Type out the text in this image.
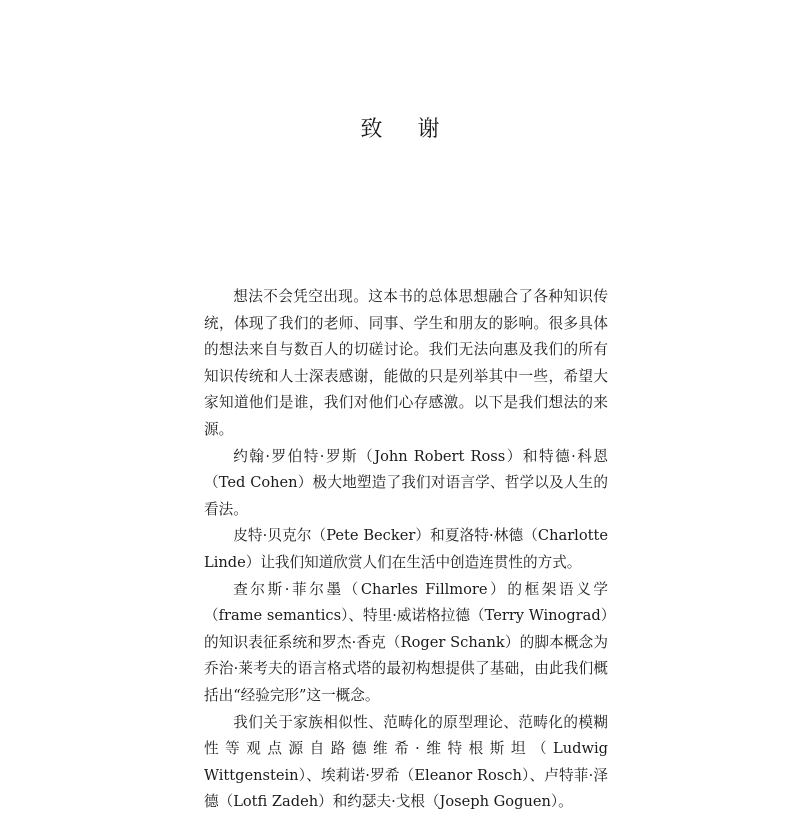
致 谢

想法不会凭空出现。这本书的总体思想融合了各种知识传统，体现了我们的老师、同事、学生和朋友的影响。很多具体的想法来自与数百人的切磋讨论。我们无法向惠及我们的所有知识传统和人士深表感谢，能做的只是列举其中一些，希望大家知道他们是谁，我们对他们心存感激。以下是我们想法的来源。

约翰·罗伯特·罗斯（John Robert Ross）和特德·科恩（Ted Cohen）极大地塑造了我们对语言学、哲学以及人生的看法。

皮特·贝克尔（Pete Becker）和夏洛特·林德（Charlotte Linde）让我们知道欣赏人们在生活中创造连贯性的方式。

查尔斯·菲尔墨（Charles Fillmore）的框架语义学（frame semantics）、特里·威诺格拉德（Terry Winograd）的知识表征系统和罗杰·香克（Roger Schank）的脚本概念为乔治·莱考夫的语言格式塔的最初构想提供了基础，由此我们概括出“经验完形”这一概念。

我们关于家族相似性、范畴化的原型理论、范畴化的模糊性等观点源自路德维希·维特根斯坦（Ludwig Wittgenstein）、埃莉诺·罗希（Eleanor Rosch）、卢特菲·泽德（Lotfi Zadeh）和约瑟夫·戈根（Joseph Goguen）。
